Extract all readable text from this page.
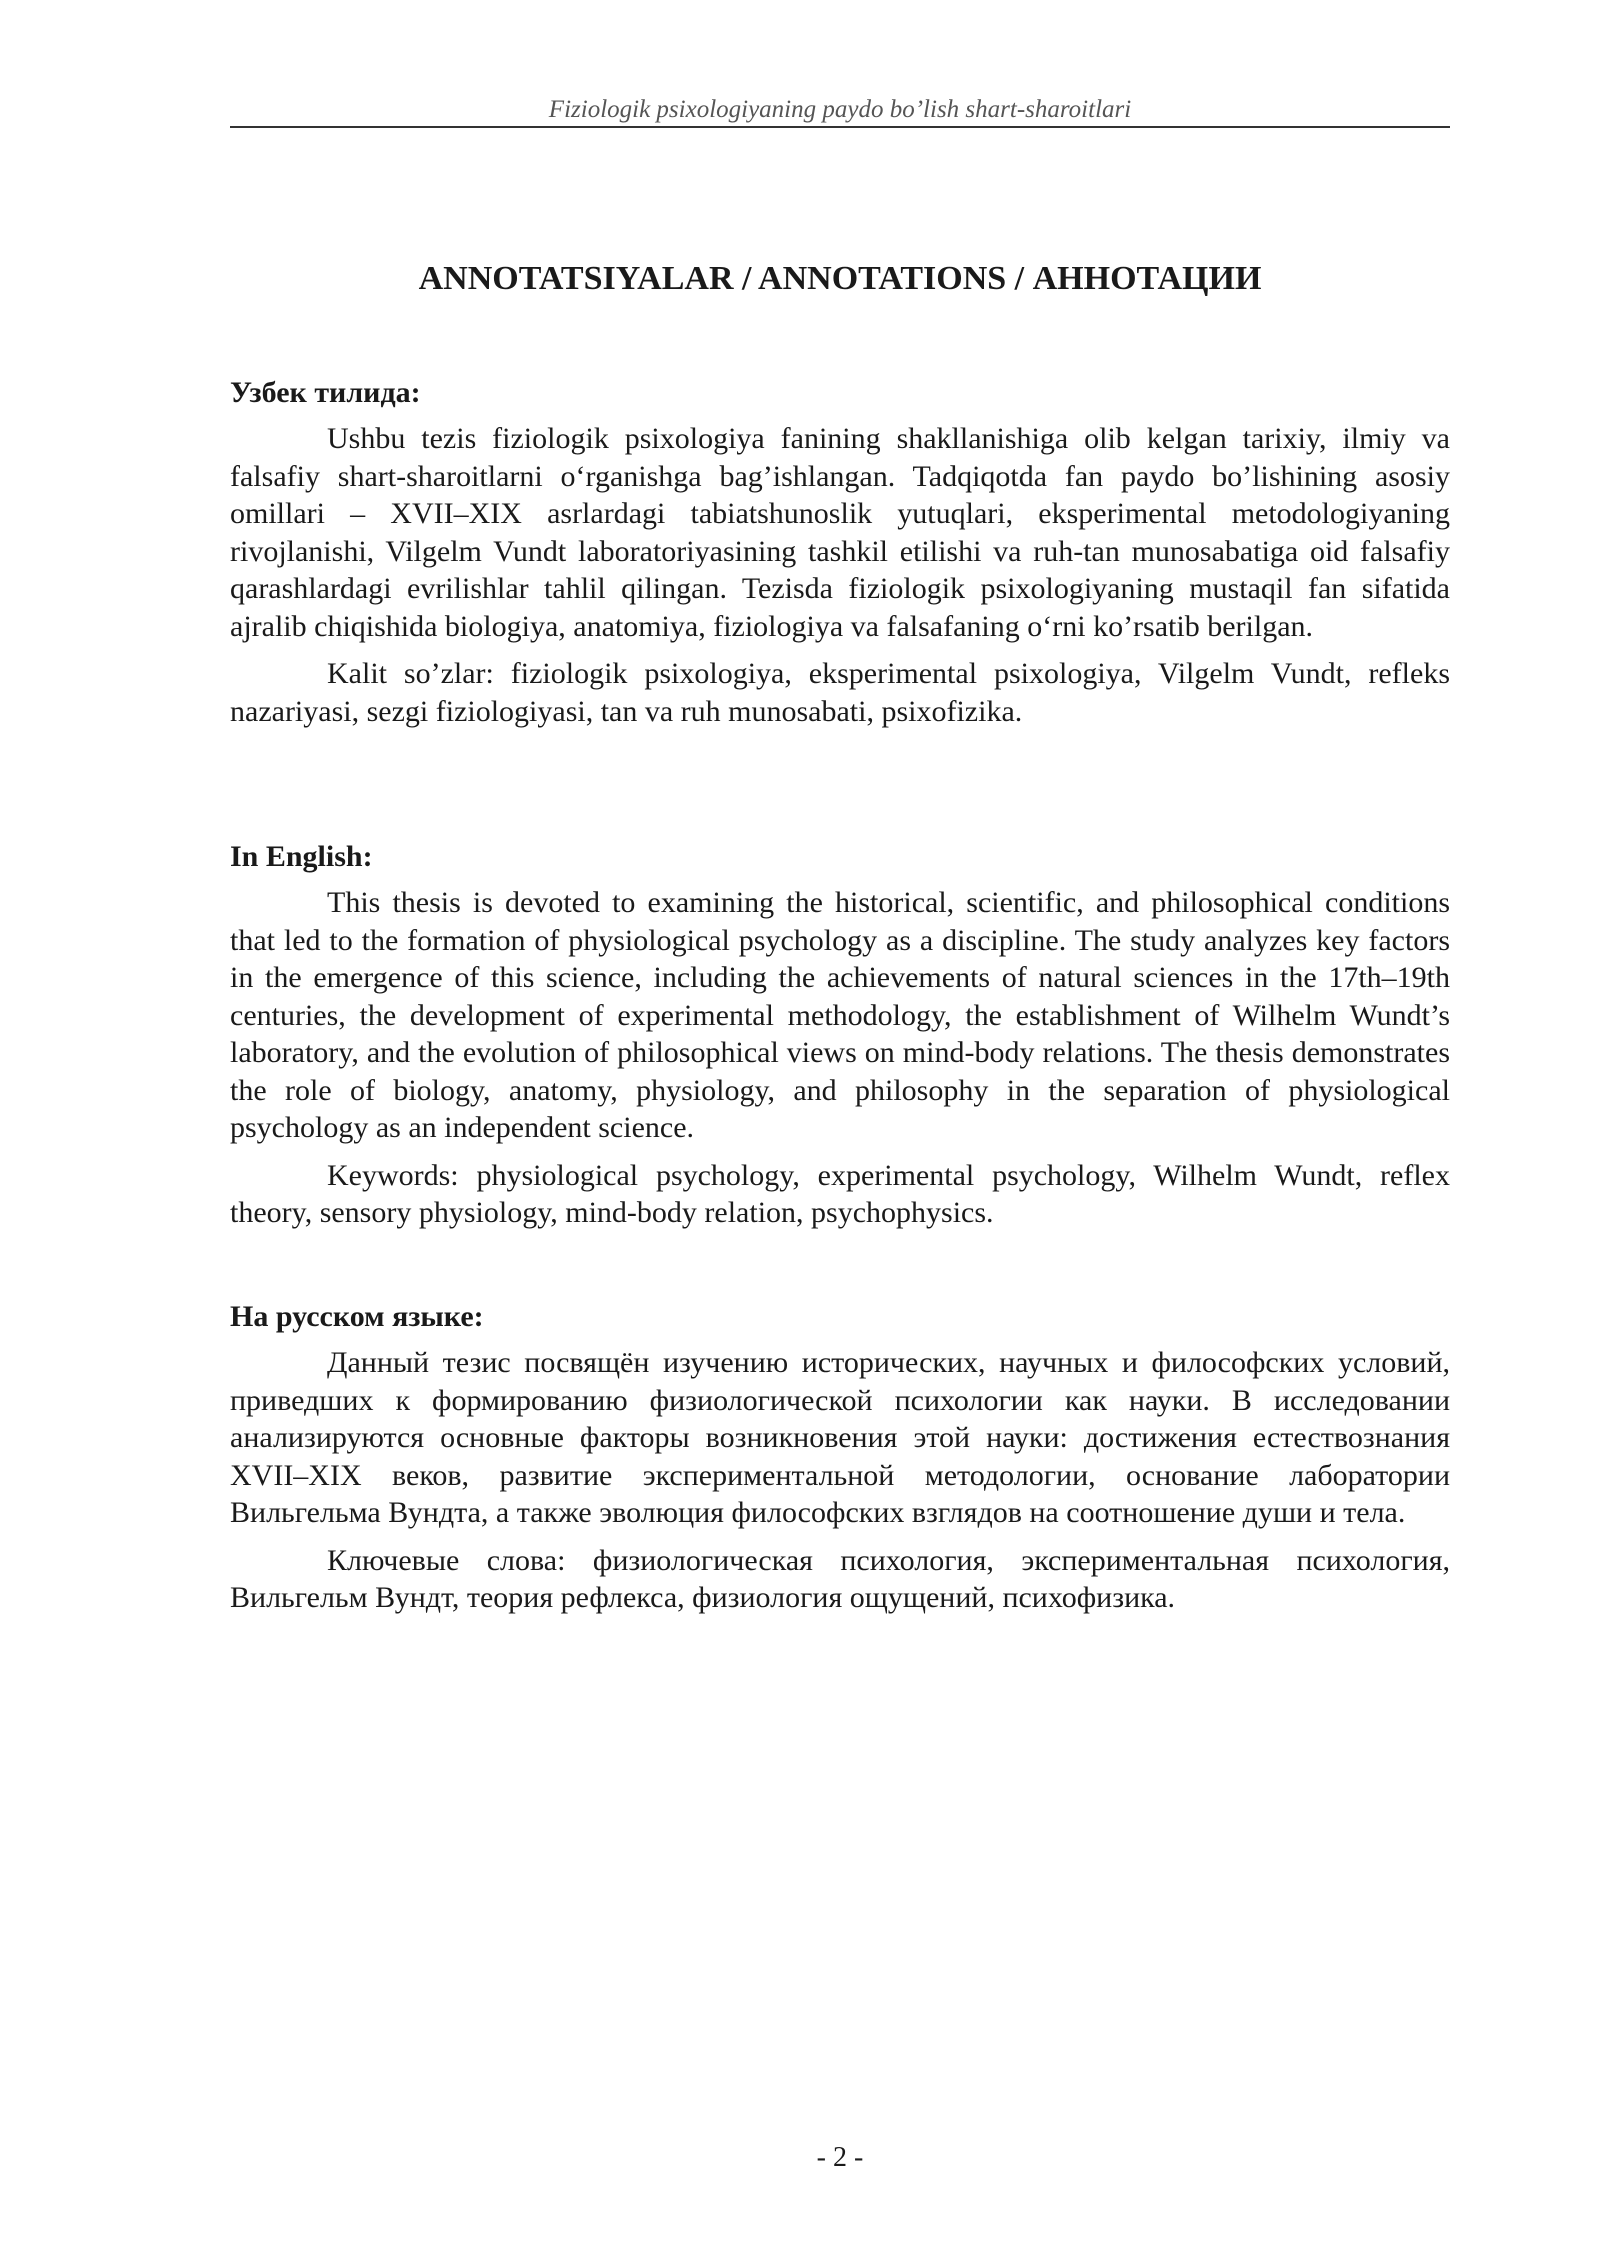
Fiziologik psixologiyaning paydo bo’lish shart-sharoitlari
ANNOTATSIYALAR / ANNOTATIONS / АННОТАЦИИ

Узбек тилида:

Ushbu tezis fiziologik psixologiya fanining shakllanishiga olib kelgan tarixiy, ilmiy va falsafiy shart-sharoitlarni o‘rganishga bag’ishlangan. Tadqiqotda fan paydo bo’lishining asosiy omillari – XVII–XIX asrlardagi tabiatshunoslik yutuqlari, eksperimental metodologiyaning rivojlanishi, Vilgelm Vundt laboratoriyasining tashkil etilishi va ruh-tan munosabatiga oid falsafiy qarashlardagi evrilishlar tahlil qilingan. Tezisda fiziologik psixologiyaning mustaqil fan sifatida ajralib chiqishida biologiya, anatomiya, fiziologiya va falsafaning o‘rni ko’rsatib berilgan.

Kalit so’zlar: fiziologik psixologiya, eksperimental psixologiya, Vilgelm Vundt, refleks nazariyasi, sezgi fiziologiyasi, tan va ruh munosabati, psixofizika.

In English:

This thesis is devoted to examining the historical, scientific, and philosophical conditions that led to the formation of physiological psychology as a discipline. The study analyzes key factors in the emergence of this science, including the achievements of natural sciences in the 17th–19th centuries, the development of experimental methodology, the establishment of Wilhelm Wundt’s laboratory, and the evolution of philosophical views on mind-body relations. The thesis demonstrates the role of biology, anatomy, physiology, and philosophy in the separation of physiological psychology as an independent science.

Keywords: physiological psychology, experimental psychology, Wilhelm Wundt, reflex theory, sensory physiology, mind-body relation, psychophysics.

На русском языке:

Данный тезис посвящён изучению исторических, научных и философских условий, приведших к формированию физиологической психологии как науки. В исследовании анализируются основные факторы возникновения этой науки: достижения естествознания XVII–XIX веков, развитие экспериментальной методологии, основание лаборатории Вильгельма Вундта, а также эволюция философских взглядов на соотношение души и тела.

Ключевые слова: физиологическая психология, экспериментальная психология, Вильгельм Вундт, теория рефлекса, физиология ощущений, психофизика.

- 2 -
